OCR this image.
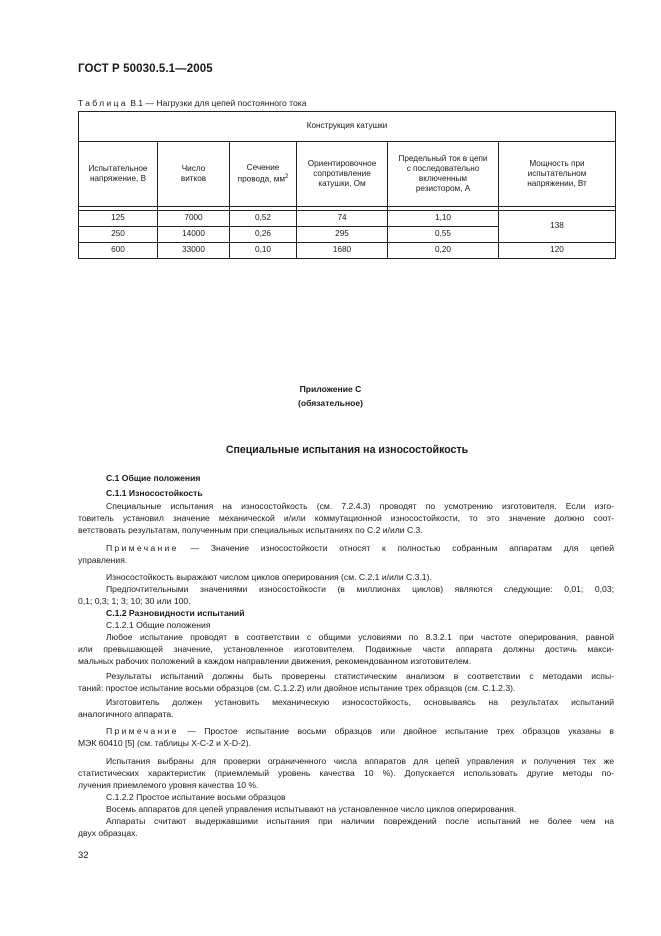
ГОСТ Р 50030.5.1—2005
Таблица B.1 — Нагрузки для цепей постоянного тока
Конструкция катушки					
Испытательное
напряжение, В	Число
витков	Сечение
провода, $мм^2$	Ориентировочное
сопротивление
катушки, Ом	Предельный ток в цепи
с последовательно
включенным
резистором, А	Мощность при
испытательном
напряжении, Вт

125	7000	0,52	74	1,10	138
250	14000	0,26	295	0,55	
600	33000	0,10	1680	0,20	120
Приложение С
(обязательное)
Специальные испытания на износостойкость
С.1 Общие положения
С.1.1 Износостойкость
Специальные испытания на износостойкость (см. 7.2.4.3) проводят по усмотрению изготовителя. Если изго-
товитель установил значение механической и/или коммутационной износостойкости, то это значение должно соот-
ветствовать результатам, полученным при специальных испытаниях по С.2 и/или С.3.
Примечание — Значение износостойкости относят к полностью собранным аппаратам для цепей
управления.
Износостойкость выражают числом циклов оперирования (см. С.2.1 и/или С.3.1).
Предпочтительными значениями износостойкости (в миллионах циклов) являются следующие: 0,01; 0,03;
0,1; 0,3; 1; 3; 10; 30 или 100.
С.1.2 Разновидности испытаний
С.1.2.1 Общие положения
Любое испытание проводят в соответствии с общими условиями по 8.3.2.1 при частоте оперирования, равной
или превышающей значение, установленное изготовителем. Подвижные части аппарата должны достичь макси-
мальных рабочих положений в каждом направлении движения, рекомендованном изготовителем.
Результаты испытаний должны быть проверены статистическим анализом в соответствии с методами испы-
таний: простое испытание восьми образцов (см. С.1.2.2) или двойное испытание трех образцов (см. С.1.2.3).
Изготовитель должен установить механическую износостойкость, основываясь на результатах испытаний
аналогичного аппарата.
Примечание — Простое испытание восьми образцов или двойное испытание трех образцов указаны в
МЭК 60410 [5] (см. таблицы X-C-2 и X-D-2).
Испытания выбраны для проверки ограниченного числа аппаратов для цепей управления и получения тех же
статистических характеристик (приемлемый уровень качества 10 %). Допускается использовать другие методы по-
лучения приемлемого уровня качества 10 %.
С.1.2.2 Простое испытание восьми образцов
Восемь аппаратов для цепей управления испытывают на установленное число циклов оперирования.
Аппараты считают выдержавшими испытания при наличии повреждений после испытаний не более чем на
двух образцах.
32
